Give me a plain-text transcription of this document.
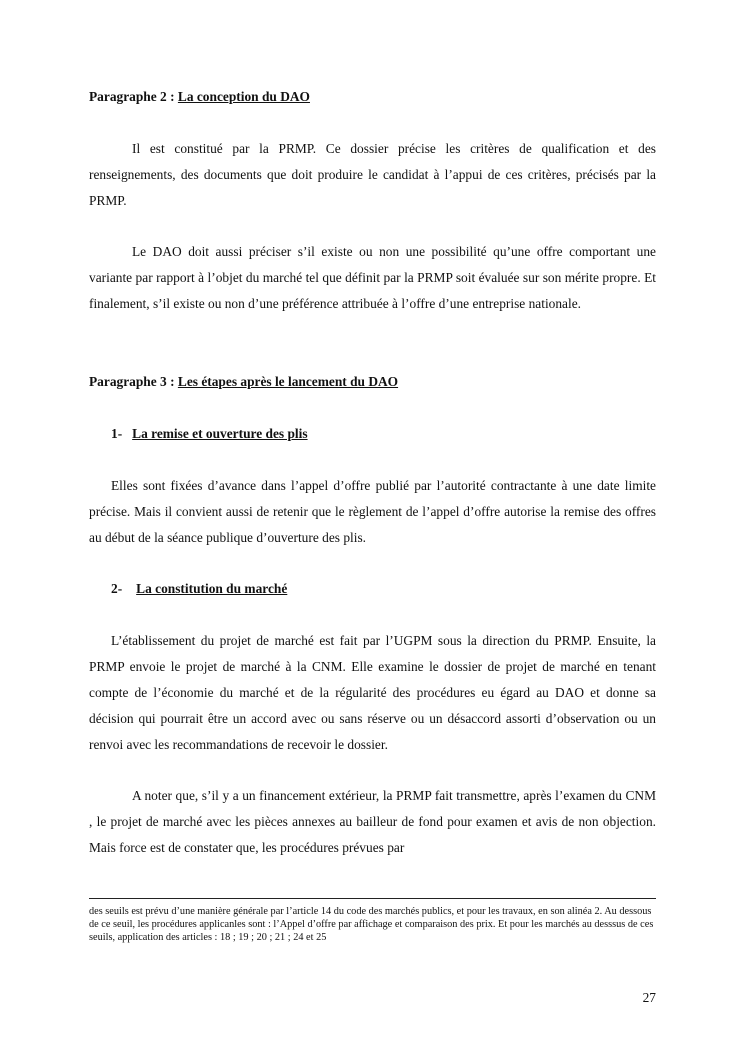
Paragraphe 2 : La conception du DAO

Il est constitué par la PRMP. Ce dossier précise les critères de qualification et des renseignements, des documents que doit produire le candidat à l’appui de ces critères, précisés par la PRMP.

Le DAO doit aussi préciser s’il existe ou non une possibilité qu’une offre comportant une variante par rapport à l’objet du marché tel que définit par la PRMP soit évaluée sur son mérite propre. Et finalement, s’il existe ou non d’une préférence attribuée à l’offre d’une entreprise nationale.

Paragraphe 3 : Les étapes après le lancement du DAO
1- La remise et ouverture des plis

Elles sont fixées d’avance dans l’appel d’offre publié par l’autorité contractante à une date limite précise. Mais il convient aussi de retenir que le règlement de l’appel d’offre autorise la remise des offres au début de la séance publique d’ouverture des plis.

2- La constitution du marché

L’établissement du projet de marché est fait par l’UGPM sous la direction du PRMP. Ensuite, la PRMP envoie le projet de marché à la CNM. Elle examine le dossier de projet de marché en tenant compte de l’économie du marché et de la régularité des procédures eu égard au DAO et donne sa décision qui pourrait être un accord avec ou sans réserve ou un désaccord assorti d’observation ou un renvoi avec les recommandations de recevoir le dossier.

A noter que, s’il y a un financement extérieur, la PRMP fait transmettre, après l’examen du CNM , le projet de marché avec les pièces annexes au bailleur de fond pour examen et avis de non objection. Mais force est de constater que, les procédures prévues par

des seuils est prévu d’une manière générale par l’article 14 du code des marchés publics, et pour les travaux, en son alinéa 2. Au dessous de ce seuil, les procédures applicanles sont : l’Appel d’offre par affichage et comparaison des prix. Et pour les marchés au desssus de ces seuils, application des articles : 18 ; 19 ; 20 ; 21 ; 24 et 25

27
